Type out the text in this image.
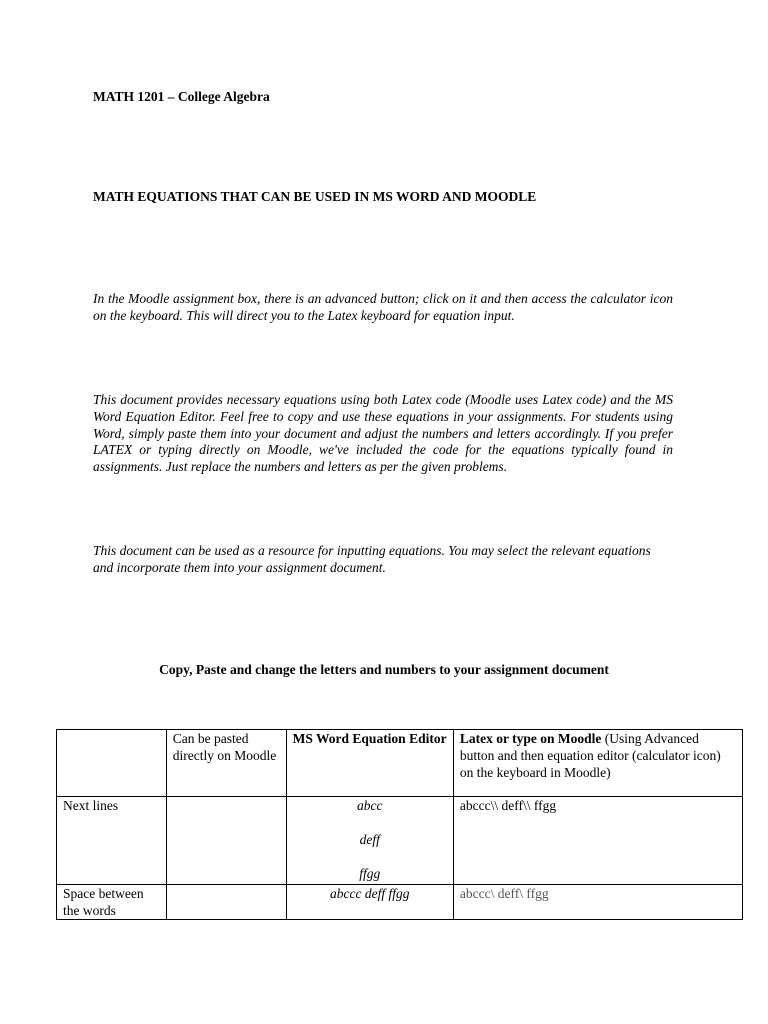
MATH 1201 – College Algebra
MATH EQUATIONS THAT CAN BE USED IN MS WORD AND MOODLE

In the Moodle assignment box, there is an advanced button; click on it and then access the calculator icon on the keyboard. This will direct you to the Latex keyboard for equation input.

This document provides necessary equations using both Latex code (Moodle uses Latex code) and the MS Word Equation Editor. Feel free to copy and use these equations in your assignments. For students using Word, simply paste them into your document and adjust the numbers and letters accordingly. If you prefer LATEX or typing directly on Moodle, we've included the code for the equations typically found in assignments. Just replace the numbers and letters as per the given problems.

This document can be used as a resource for inputting equations. You may select the relevant equations and incorporate them into your assignment document.

Copy, Paste and change the letters and numbers to your assignment document
	Can be pasted directly on Moodle	MS Word Equation Editor	Latex or type on Moodle (Using Advanced button and then equation editor (calculator icon) on the keyboard in Moodle)
Next lines		abcc
deff
ffgg	abccc\\ deff\\ ffgg
Space between the words		abccc deff ffgg	abccc\ deff\ ffgg
